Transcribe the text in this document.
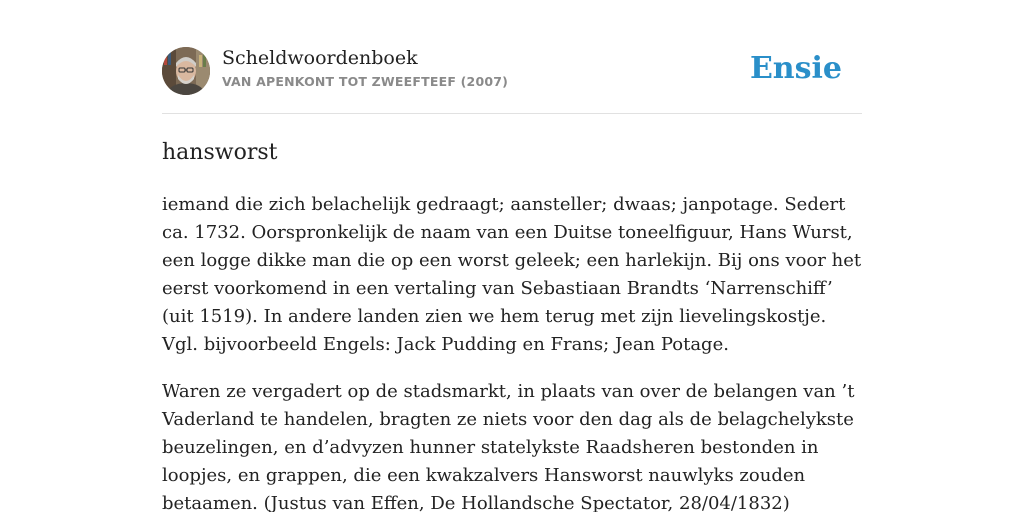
Scheldwoordenboek
VAN APENKONT TOT ZWEEFTEEF (2007)	Ensie
hansworst

iemand die zich belachelijk gedraagt; aansteller; dwaas; janpotage. Sedert ca. 1732. Oorspronkelijk de naam van een Duitse toneelfiguur, Hans Wurst, een logge dikke man die op een worst geleek; een harlekijn. Bij ons voor het eerst voorkomend in een vertaling van Sebastiaan Brandts ‘Narrenschiff’ (uit 1519). In andere landen zien we hem terug met zijn lievelingskostje. Vgl. bijvoorbeeld Engels: Jack Pudding en Frans; Jean Potage.

Waren ze vergadert op de stadsmarkt, in plaats van over de belangen van ’t Vaderland te handelen, bragten ze niets voor den dag als de belagchelykste beuzelingen, en d’advyzen hunner statelykste Raadsheren bestonden in loopjes, en grappen, die een kwakzalvers Hansworst nauwlyks zouden betaamen. (Justus van Effen, De Hollandsche Spectator, 28/04/1832)
